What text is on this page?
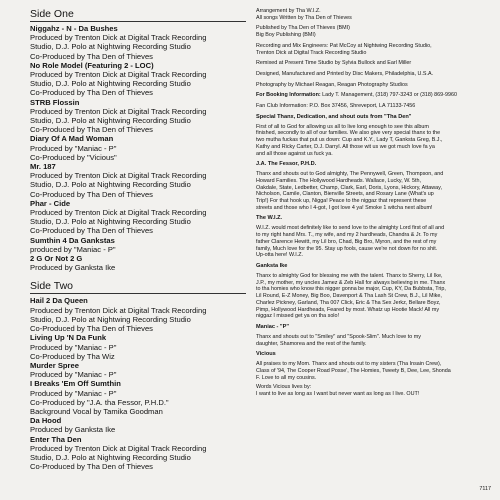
Side One
Niggahz - N - Da Bushes
Produced by Trenton Dick at Digital Track Recording
Studio, D.J. Polo at Nightwing Recording Studio
Co-Produced by Tha Den of Thieves
No Role Model (Featuring 2 - LOC)
Produced by Trenton Dick at Digital Track Recording
Studio, D.J. Polo at Nightwing Recording Studio
Co-Produced by Tha Den of Thieves
STRB Flossin
Produced by Trenton Dick at Digital Track Recording
Studio, D.J. Polo at Nightwing Recording Studio
Co-Produced by Tha Den of Thieves
Diary Of A Mad Woman
Produced by "Maniac - P"
Co-Produced by "Vicious"
Mr. 187
Produced by Trenton Dick at Digital Track Recording
Studio, D.J. Polo at Nightwing Recording Studio
Co-Produced by Tha Den of Thieves
Phar - Cide
Produced by Trenton Dick at Digital Track Recording
Studio, D.J. Polo at Nightwing Recording Studio
Co-Produced by Tha Den of Thieves
Sumthin 4 Da Gankstas
produced by "Maniac - P"
2 G Or Not 2 G
Produced by Ganksta Ike
Side Two
Hail 2 Da Queen
Produced by Trenton Dick at Digital Track Recording
Studio, D.J. Polo at Nightwing Recording Studio
Co-Produced by Tha Den of Thieves
Living Up 'N Da Funk
Produced by "Maniac - P"
Co-Produced by Tha Wiz
Murder Spree
Produced by "Maniac - P"
I Breaks 'Em Off Sumthin
Produced by "Maniac - P"
Co-Produced by "J.A. tha Fessor, P.H.D."
Background Vocal by Tamika Goodman
Da Hood
Produced by Ganksta Ike
Enter Tha Den
Produced by Trenton Dick at Digital Track Recording
Studio, D.J. Polo at Nightwing Recording Studio
Co-Produced by Tha Den of Thieves
Arrangement by Tha W.I.Z.
All songs Written by Tha Den of Thieves
Published by Tha Den of Thieves (BMI)
Big Boy Publishing (BMI)
Recording and Mix Engineers: Pat McCoy at Nightwing Recording Studio,
Trenton Dick at Digital Track Recording Studio
Remixed at Present Time Studio by Sylvia Bullock and Earl Miller
Designed, Manufactured and Printed by Disc Makers, Philadelphia, U.S.A.
Photography by Michael Reagan, Reagan Photography Studios
For Booking Information: Lady T. Management, (318) 797-3243 or (318) 869-9960
Fan Club Information: P.O. Box 37456, Shreveport, LA 71133-7456
Special Thanx, Dedication, and shout outs from "Tha Den"
First of all to God for allowing us all to live long enough to see this album
finished, secondly to all of our families. We also give very special thanx to the
two mutha fuckas that put us down: Cup and K.Y., Lady T, Ganksta Greg, B.J.,
Kathy and Ricky Carter, D.J. Darryl. All those wit us we got much love fa ya
and all those against us fuck ya.
J.A. The Fessor, P.H.D.
Thanx and shouts out to God almighty, The Pennywell, Green, Thompson, and
Howard Families. The Hollywood Hardheads. Wallace, Lucky, W. 5th,
Oakdale, State, Ledbetter, Champ, Clark, Earl, Doris, Lyons, Hickory, Attaway,
Nicholson, Camile, Clanton, Bienville Streets, and Rosary Lane (What's up
Trip!) For that hook up, Nigga! Peace to the niggaz that represent these
streets and those who I 4-got, I got love 4 ya! Smoke 1 witcha next album!
The W.I.Z.
W.I.Z. would most definitely like to send love to the almighty Lord first of all and
to my right hand Mrs. T., my wife, and my 2 hardheads, Chandra & Jr. To my
father Clarence Hewitt, my Lil bro, Chad, Big Bro, Myron, and the rest of my
family, Much love for the 95. Stay up fools, cause we're not down for no shit.
Up-otta here! W.I.Z.
Ganksta Ike
Thanx to almighty God for blessing me with the talent. Thanx to Sherry, Lil Ike,
J.P., my mother, my uncles Jamez & Zeb Hall for always believing in me. Thanx
to tha homies who know this nigger gonna be major, Cup, KY, Da Bubbsta, Trip,
Lil Round, E-Z Money, Big Boo, Davenport & Tha Lash St Crew, B.J., Lil Mike,
Charlez Pickney, Garland, Tha 007 Click, Eric & Tha Sex Jerkz, Bellare Boyz,
Pimp, Hollywood Hardheads, Feared by most. Whatz up Hootie Mack! All my
niggaz I missed get ya on tha solo!
Maniac - "P"
Thanx and shouts out to "Smiley" and "Spook-Slim". Much love to my
daughter, Shamorea and the rest of the family.
Vicious
All praises to my Mom. Thanx and shouts out to my sisters (Tha Insain Crew),
Class of '94, The Cooper Road Posse', The Homies, Tweety B, Dee, Lee, Shonda
F. Love to all my cousins.
Words Vicious lives by:
I want to live as long as I want but never want as long as I live. OUT!
7117
